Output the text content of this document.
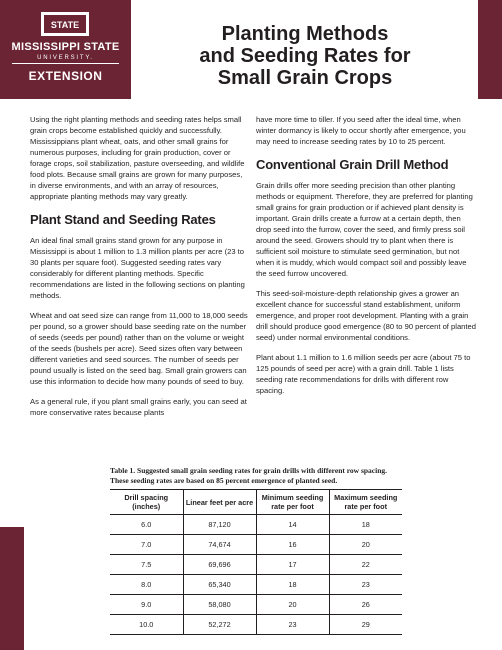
STATE
MISSISSIPPI STATE
UNIVERSITY.
EXTENSION
Planting Methods
and Seeding Rates for
Small Grain Crops

Using the right planting methods and seeding rates helps small grain crops become established quickly and successfully. Mississippians plant wheat, oats, and other small grains for numerous purposes, including for grain production, cover or forage crops, soil stabilization, pasture overseeding, and wildlife food plots. Because small grains are grown for many purposes, in diverse environments, and with an array of resources, appropriate planting methods may vary greatly.

Plant Stand and Seeding Rates

An ideal final small grains stand grown for any purpose in Mississippi is about 1 million to 1.3 million plants per acre (23 to 30 plants per square foot). Suggested seeding rates vary considerably for different planting methods. Specific recommendations are listed in the following sections on planting methods.

Wheat and oat seed size can range from 11,000 to 18,000 seeds per pound, so a grower should base seeding rate on the number of seeds (seeds per pound) rather than on the volume or weight of the seeds (bushels per acre). Seed sizes often vary between different varieties and seed sources. The number of seeds per pound usually is listed on the seed bag. Small grain growers can use this information to decide how many pounds of seed to buy.

As a general rule, if you plant small grains early, you can seed at more conservative rates because plants

have more time to tiller. If you seed after the ideal time, when winter dormancy is likely to occur shortly after emergence, you may need to increase seeding rates by 10 to 25 percent.

Conventional Grain Drill Method

Grain drills offer more seeding precision than other planting methods or equipment. Therefore, they are preferred for planting small grains for grain production or if achieved plant density is important. Grain drills create a furrow at a certain depth, then drop seed into the furrow, cover the seed, and firmly press soil around the seed. Growers should try to plant when there is sufficient soil moisture to stimulate seed germination, but not when it is muddy, which would compact soil and possibly leave the seed furrow uncovered.

This seed-soil-moisture-depth relationship gives a grower an excellent chance for successful stand establishment, uniform emergence, and proper root development. Planting with a grain drill should produce good emergence (80 to 90 percent of planted seed) under normal environmental conditions.

Plant about 1.1 million to 1.6 million seeds per acre (about 75 to 125 pounds of seed per acre) with a grain drill. Table 1 lists seeding rate recommendations for drills with different row spacing.

Table 1. Suggested small grain seeding rates for grain drills with different row spacing. These seeding rates are based on 85 percent emergence of planted seed.
Drill spacing (inches)	Linear feet per acre	Minimum seeding rate per foot	Maximum seeding rate per foot
6.0	87,120	14	18
7.0	74,674	16	20
7.5	69,696	17	22
8.0	65,340	18	23
9.0	58,080	20	26
10.0	52,272	23	29
